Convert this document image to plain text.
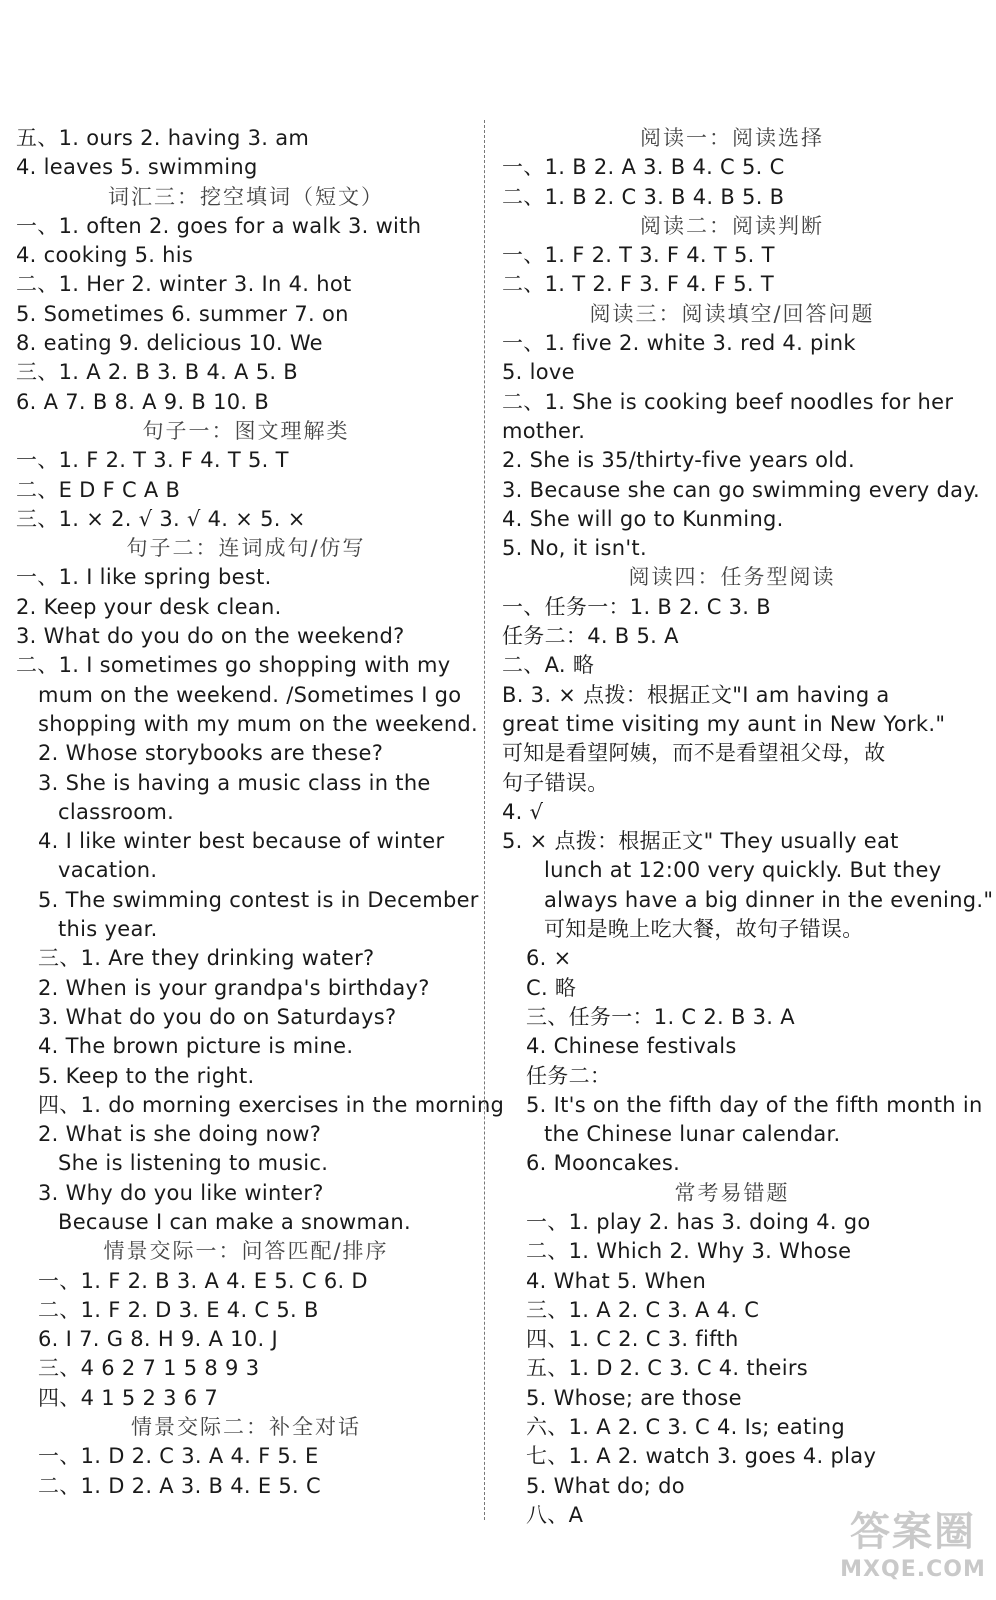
五、1. ours 2. having 3. am
4. leaves 5. swimming
词汇三：挖空填词（短文）
一、1. often 2. goes for a walk 3. with
4. cooking 5. his
二、1. Her 2. winter 3. In 4. hot
5. Sometimes 6. summer 7. on
8. eating 9. delicious 10. We
三、1. A 2. B 3. B 4. A 5. B
6. A 7. B 8. A 9. B 10. B
句子一：图文理解类
一、1. F 2. T 3. F 4. T 5. T
二、E D F C A B
三、1. × 2. √ 3. √ 4. × 5. ×
句子二：连词成句/仿写
一、1. I like spring best.
2. Keep your desk clean.
3. What do you do on the weekend?
二、1. I sometimes go shopping with my
mum on the weekend. /Sometimes I go
shopping with my mum on the weekend.
2. Whose storybooks are these?
3. She is having a music class in the
classroom.
4. I like winter best because of winter
vacation.
5. The swimming contest is in December
this year.
三、1. Are they drinking water?
2. When is your grandpa's birthday?
3. What do you do on Saturdays?
4. The brown picture is mine.
5. Keep to the right.
四、1. do morning exercises in the morning
2. What is she doing now?
She is listening to music.
3. Why do you like winter?
Because I can make a snowman.
情景交际一：问答匹配/排序
一、1. F 2. B 3. A 4. E 5. C 6. D
二、1. F 2. D 3. E 4. C 5. B
6. I 7. G 8. H 9. A 10. J
三、4 6 2 7 1 5 8 9 3
四、4 1 5 2 3 6 7
情景交际二：补全对话
一、1. D 2. C 3. A 4. F 5. E
二、1. D 2. A 3. B 4. E 5. C
阅读一：阅读选择
一、1. B 2. A 3. B 4. C 5. C
二、1. B 2. C 3. B 4. B 5. B
阅读二：阅读判断
一、1. F 2. T 3. F 4. T 5. T
二、1. T 2. F 3. F 4. F 5. T
阅读三：阅读填空/回答问题
一、1. five 2. white 3. red 4. pink
5. love
二、1. She is cooking beef noodles for her
mother.
2. She is 35/thirty-five years old.
3. Because she can go swimming every day.
4. She will go to Kunming.
5. No, it isn't.
阅读四：任务型阅读
一、任务一：1. B 2. C 3. B
任务二：4. B 5. A
二、A. 略
B. 3. × 点拨：根据正文"I am having a
great time visiting my aunt in New York."
可知是看望阿姨，而不是看望祖父母，故
句子错误。
4. √
5. × 点拨：根据正文" They usually eat
lunch at 12:00 very quickly. But they
always have a big dinner in the evening."
可知是晚上吃大餐，故句子错误。
6. ×
C. 略
三、任务一：1. C 2. B 3. A
4. Chinese festivals
任务二：
5. It's on the fifth day of the fifth month in
the Chinese lunar calendar.
6. Mooncakes.
常考易错题
一、1. play 2. has 3. doing 4. go
二、1. Which 2. Why 3. Whose
4. What 5. When
三、1. A 2. C 3. A 4. C
四、1. C 2. C 3. fifth
五、1. D 2. C 3. C 4. theirs
5. Whose; are those
六、1. A 2. C 3. C 4. Is; eating
七、1. A 2. watch 3. goes 4. play
5. What do; do
八、A	答案圈
MXQE.COM
